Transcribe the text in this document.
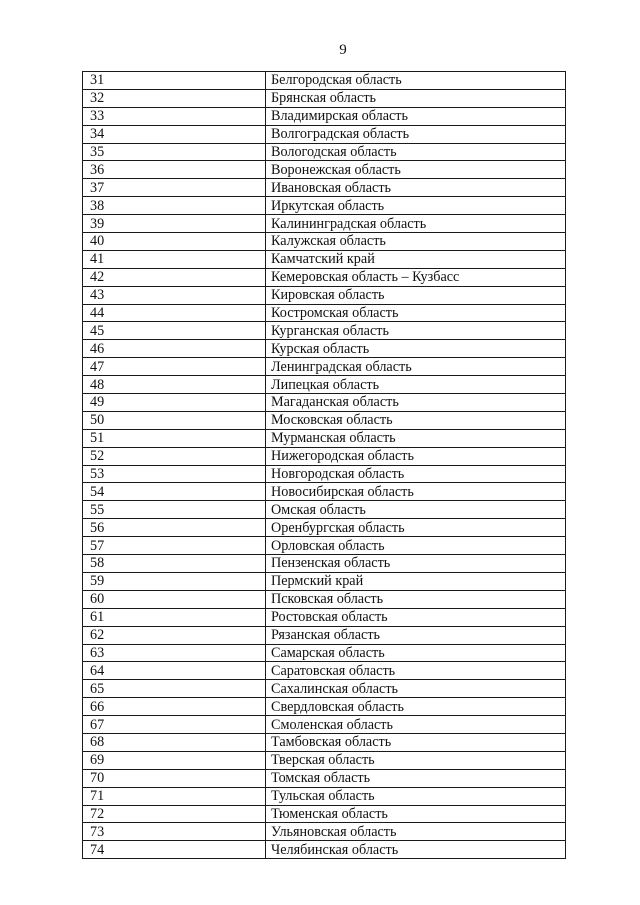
9
31	Белгородская область
32	Брянская область
33	Владимирская область
34	Волгоградская область
35	Вологодская область
36	Воронежская область
37	Ивановская область
38	Иркутская область
39	Калининградская область
40	Калужская область
41	Камчатский край
42	Кемеровская область – Кузбасс
43	Кировская область
44	Костромская область
45	Курганская область
46	Курская область
47	Ленинградская область
48	Липецкая область
49	Магаданская область
50	Московская область
51	Мурманская область
52	Нижегородская область
53	Новгородская область
54	Новосибирская область
55	Омская область
56	Оренбургская область
57	Орловская область
58	Пензенская область
59	Пермский край
60	Псковская область
61	Ростовская область
62	Рязанская область
63	Самарская область
64	Саратовская область
65	Сахалинская область
66	Свердловская область
67	Смоленская область
68	Тамбовская область
69	Тверская область
70	Томская область
71	Тульская область
72	Тюменская область
73	Ульяновская область
74	Челябинская область
